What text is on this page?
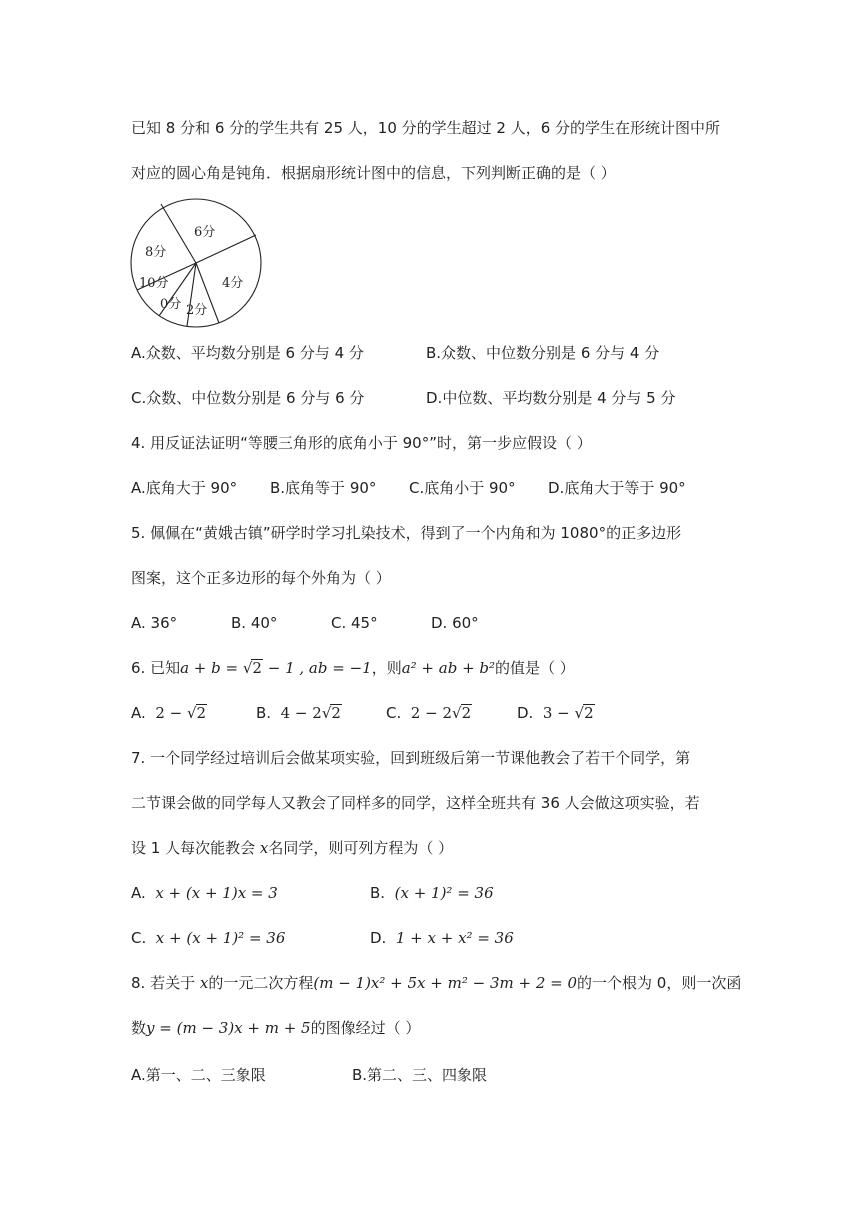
已知 8 分和 6 分的学生共有 25 人，10 分的学生超过 2 人，6 分的学生在形统计图中所
对应的圆心角是钝角．根据扇形统计图中的信息，下列判断正确的是（ ）
6分
8分
4分
10分
0分 2分
A.众数、平均数分别是 6 分与 4 分	B.众数、中位数分别是 6 分与 4 分
C.众数、中位数分别是 6 分与 6 分	D.中位数、平均数分别是 4 分与 5 分
4. 用反证法证明“等腰三角形的底角小于 90°”时，第一步应假设（ ）
A.底角大于 90° B.底角等于 90° C.底角小于 90° D.底角大于等于 90°
5. 佩佩在“黄娥古镇”研学时学习扎染技术，得到了一个内角和为 1080°的正多边形
图案，这个正多边形的每个外角为（ ）
A. 36°	B. 40°	C. 45°	D. 60°
6. 已知a + b = √2 − 1 , ab = −1，则a² + ab + b²的值是（ ）
A. 2 − √2	B. 4 − 2√2	C. 2 − 2√2	D. 3 − √2
7. 一个同学经过培训后会做某项实验，回到班级后第一节课他教会了若干个同学，第
二节课会做的同学每人又教会了同样多的同学，这样全班共有 36 人会做这项实验，若
设 1 人每次能教会 x名同学，则可列方程为（ ）
A. x + (x + 1)x = 3	B. (x + 1)² = 36
C. x + (x + 1)² = 36	D. 1 + x + x² = 36
8. 若关于 x的一元二次方程(m − 1)x² + 5x + m² − 3m + 2 = 0的一个根为 0，则一次函
数y = (m − 3)x + m + 5的图像经过（ ）
A.第一、二、三象限	B.第二、三、四象限
